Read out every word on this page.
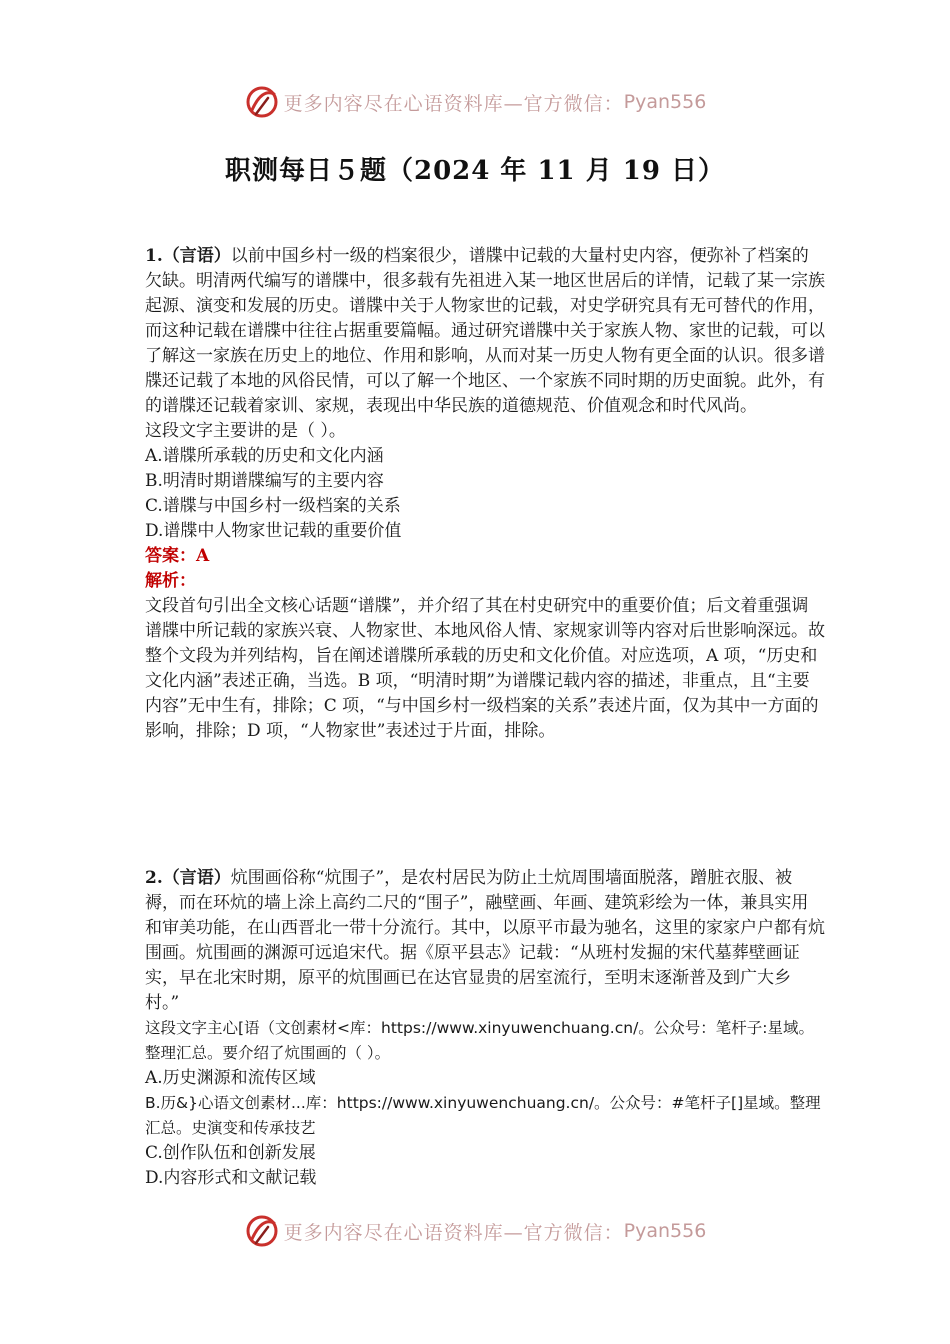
更多内容尽在心语资料库—官方微信： Pyan556
职测每日５题（2024 年 11 月 19 日）

1.（言语）以前中国乡村一级的档案很少，谱牒中记载的大量村史内容，便弥补了档案的欠缺。明清两代编写的谱牒中，很多载有先祖进入某一地区世居后的详情，记载了某一宗族起源、演变和发展的历史。谱牒中关于人物家世的记载，对史学研究具有无可替代的作用，而这种记载在谱牒中往往占据重要篇幅。通过研究谱牒中关于家族人物、家世的记载，可以了解这一家族在历史上的地位、作用和影响，从而对某一历史人物有更全面的认识。很多谱牒还记载了本地的风俗民情，可以了解一个地区、一个家族不同时期的历史面貌。此外，有的谱牒还记载着家训、家规，表现出中华民族的道德规范、价值观念和时代风尚。

这段文字主要讲的是（ ）。

A.谱牒所承载的历史和文化内涵

B.明清时期谱牒编写的主要内容

C.谱牒与中国乡村一级档案的关系

D.谱牒中人物家世记载的重要价值

答案：A

解析：

文段首句引出全文核心话题“谱牒”，并介绍了其在村史研究中的重要价值；后文着重强调谱牒中所记载的家族兴衰、人物家世、本地风俗人情、家规家训等内容对后世影响深远。故整个文段为并列结构，旨在阐述谱牒所承载的历史和文化价值。对应选项，A 项，“历史和文化内涵”表述正确，当选。B 项，“明清时期”为谱牒记载内容的描述，非重点，且“主要内容”无中生有，排除；C 项，“与中国乡村一级档案的关系”表述片面，仅为其中一方面的影响，排除；D 项，“人物家世”表述过于片面，排除。

2.（言语）炕围画俗称“炕围子”，是农村居民为防止土炕周围墙面脱落，蹭脏衣服、被褥，而在环炕的墙上涂上高约二尺的“围子”，融壁画、年画、建筑彩绘为一体，兼具实用和审美功能，在山西晋北一带十分流行。其中，以原平市最为驰名，这里的家家户户都有炕围画。炕围画的渊源可远追宋代。据《原平县志》记载：“从班村发掘的宋代墓葬壁画证实，早在北宋时期，原平的炕围画已在达官显贵的居室流行，至明末逐渐普及到广大乡村。”

这段文字主心[语（文创素材<库：https://www.xinyuwenchuang.cn/。公众号：笔杆子:星域。整理汇总。要介绍了炕围画的（ ）。

A.历史渊源和流传区域

B.历&}心语文创素材...库：https://www.xinyuwenchuang.cn/。公众号：#笔杆子[]星域。整理汇总。史演变和传承技艺

C.创作队伍和创新发展

D.内容形式和文献记载

更多内容尽在心语资料库—官方微信： Pyan556
